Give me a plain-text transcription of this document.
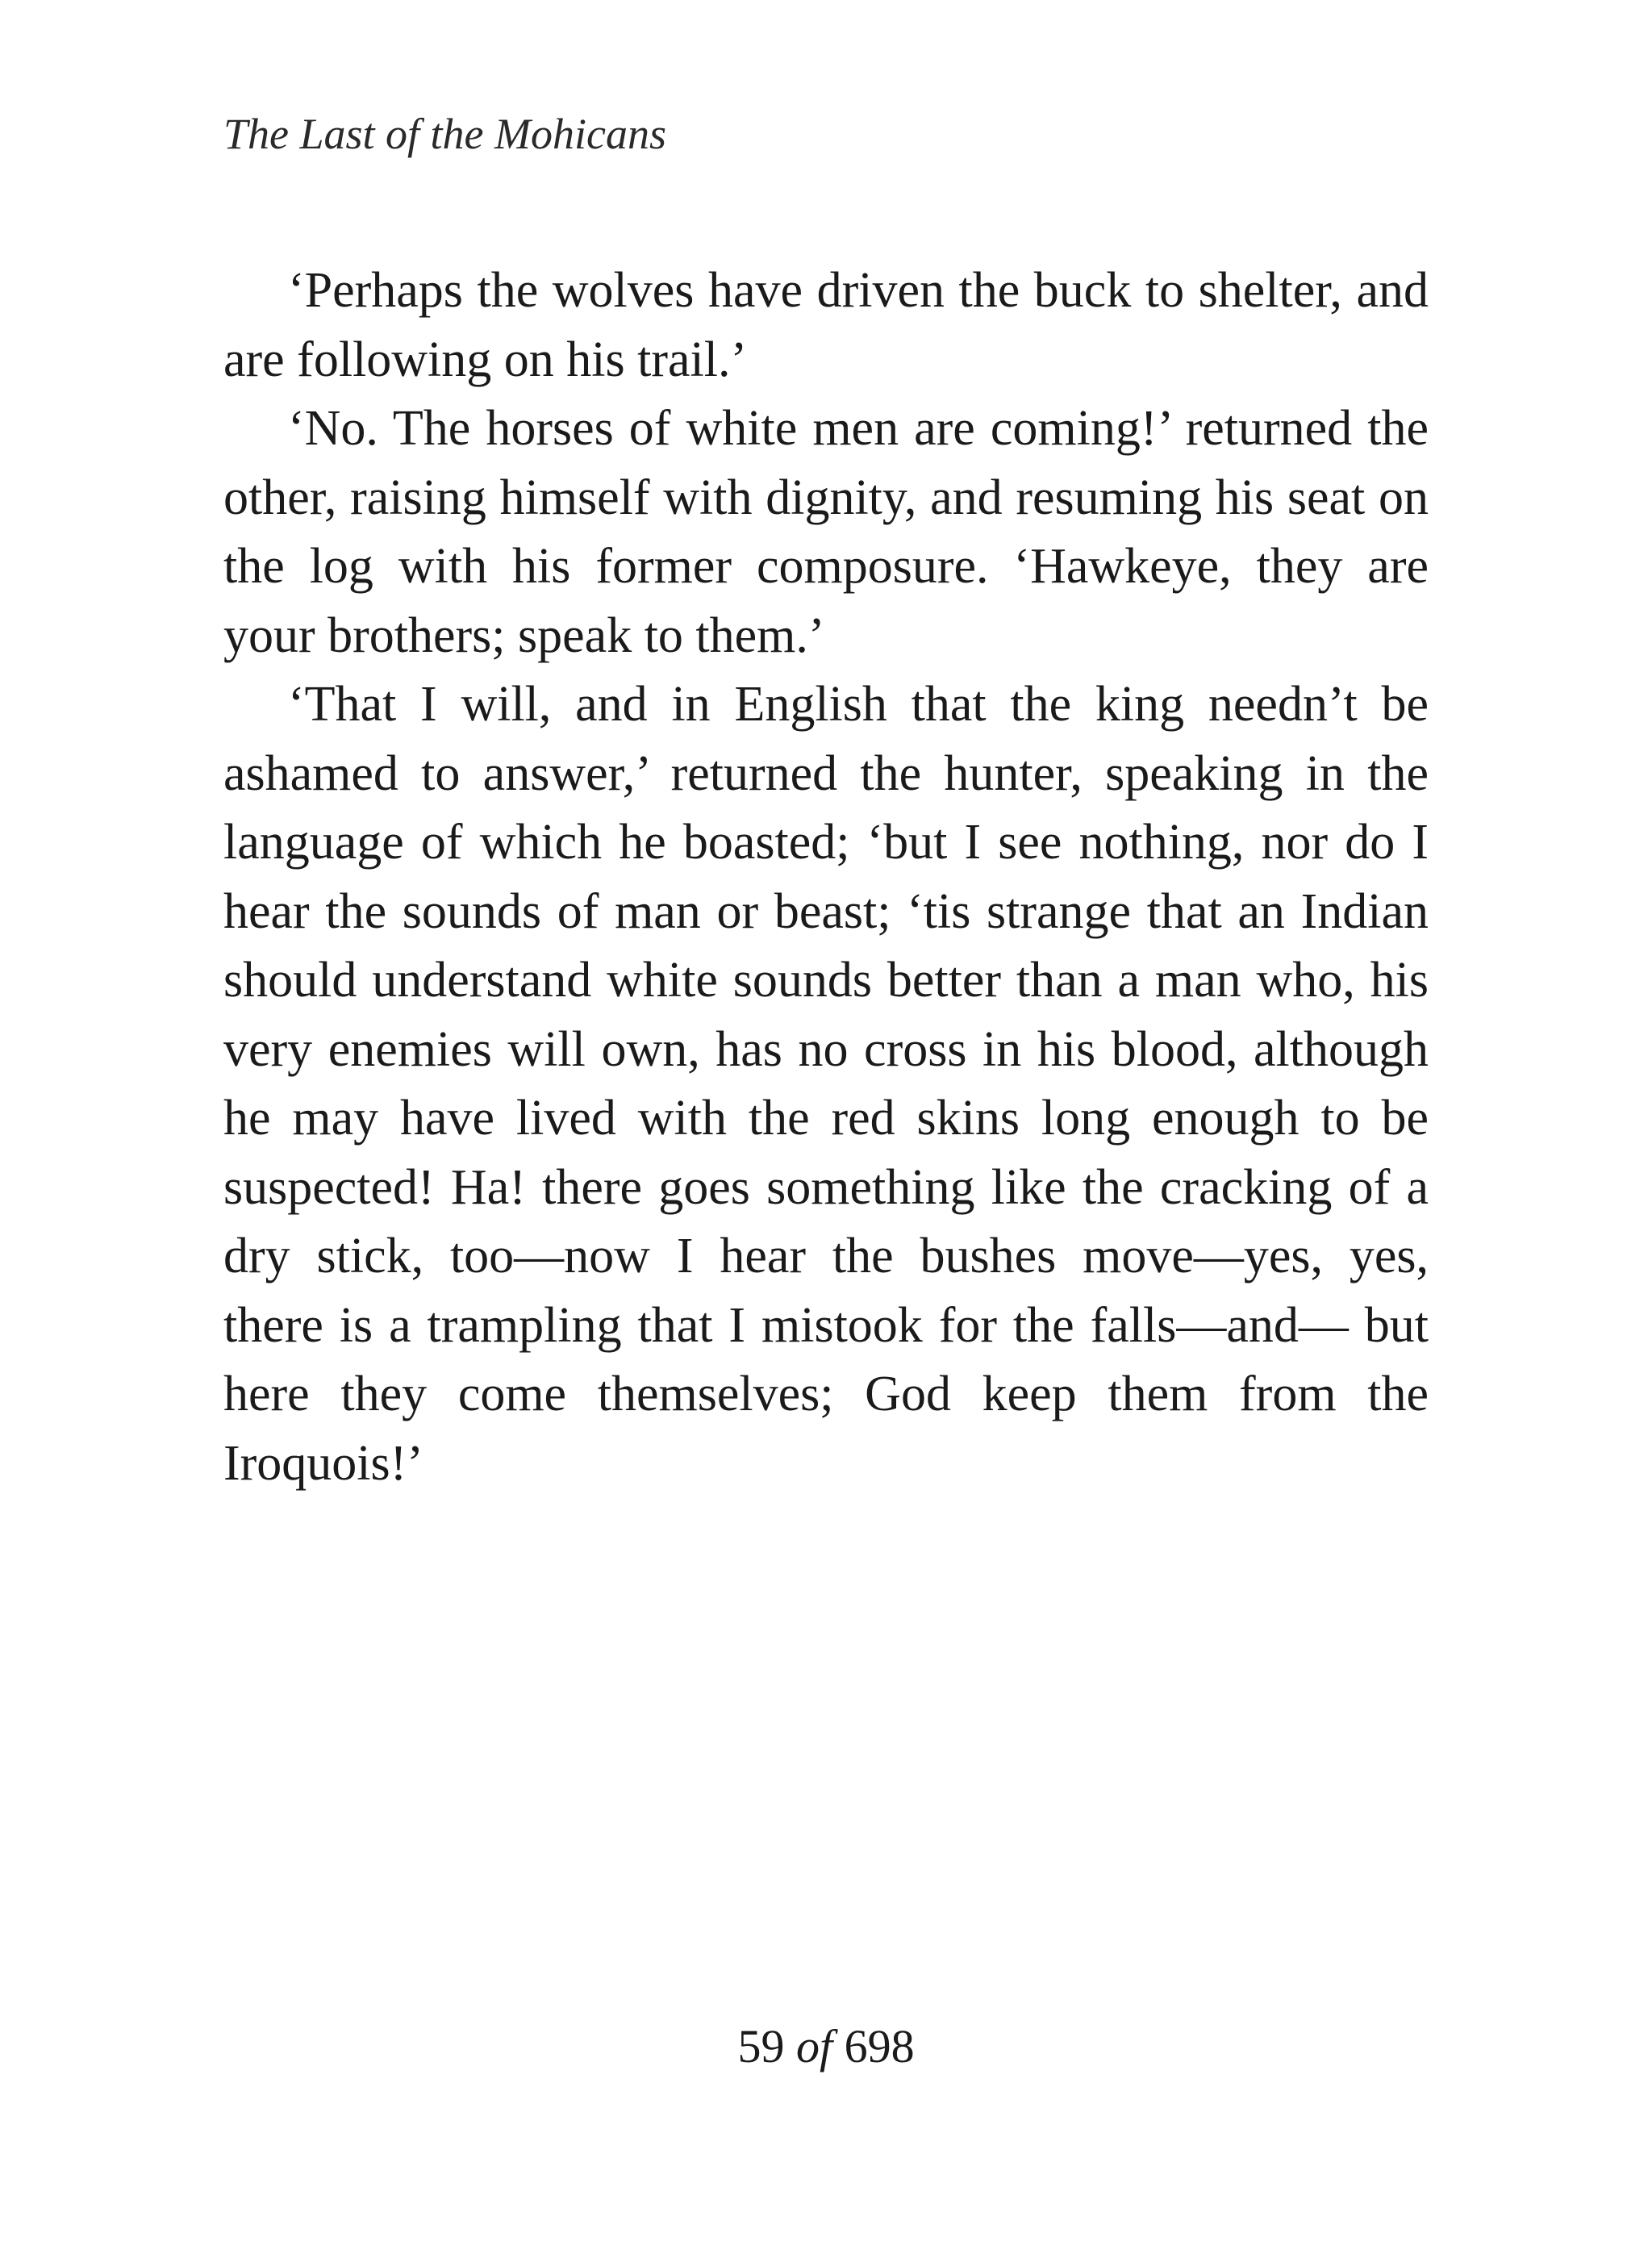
The Last of the Mohicans

‘Perhaps the wolves have driven the buck to shelter, and are following on his trail.’

‘No. The horses of white men are coming!’ returned the other, raising himself with dignity, and resuming his seat on the log with his former composure. ‘Hawkeye, they are your brothers; speak to them.’

‘That I will, and in English that the king needn’t be ashamed to answer,’ returned the hunter, speaking in the language of which he boasted; ‘but I see nothing, nor do I hear the sounds of man or beast; ‘tis strange that an Indian should understand white sounds better than a man who, his very enemies will own, has no cross in his blood, although he may have lived with the red skins long enough to be suspected! Ha! there goes something like the cracking of a dry stick, too—now I hear the bushes move—yes, yes, there is a trampling that I mistook for the falls—and— but here they come themselves; God keep them from the Iroquois!’

59 of 698
